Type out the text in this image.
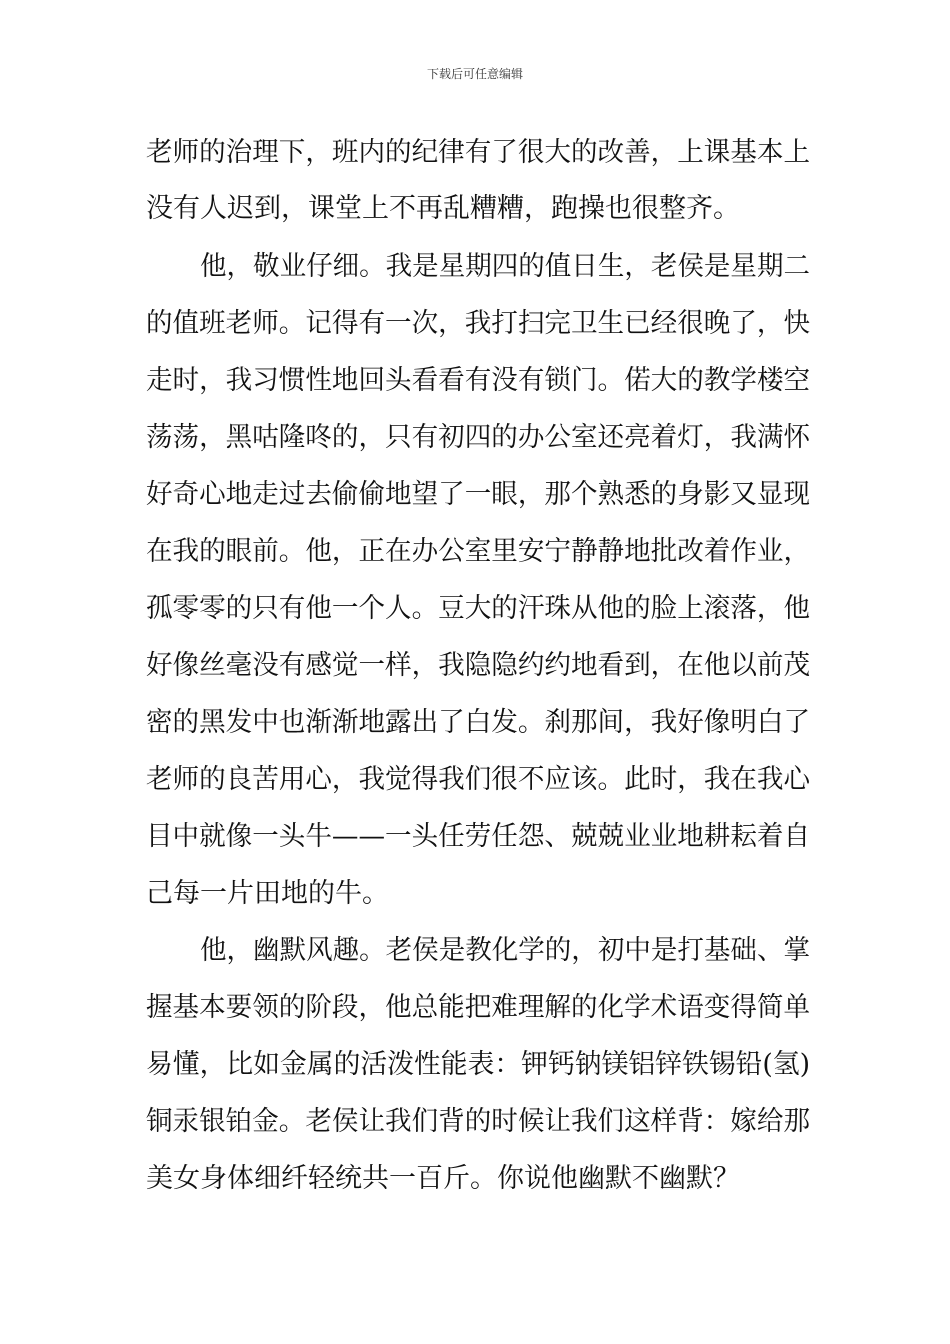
下载后可任意编辑
老师的治理下，班内的纪律有了很大的改善，上课基本上
没有人迟到，课堂上不再乱糟糟，跑操也很整齐。
他，敬业仔细。我是星期四的值日生，老侯是星期二
的值班老师。记得有一次，我打扫完卫生已经很晚了，快
走时，我习惯性地回头看看有没有锁门。偌大的教学楼空
荡荡，黑咕隆咚的，只有初四的办公室还亮着灯，我满怀
好奇心地走过去偷偷地望了一眼，那个熟悉的身影又显现
在我的眼前。他，正在办公室里安宁静静地批改着作业，
孤零零的只有他一个人。豆大的汗珠从他的脸上滚落，他
好像丝毫没有感觉一样，我隐隐约约地看到，在他以前茂
密的黑发中也渐渐地露出了白发。刹那间，我好像明白了
老师的良苦用心，我觉得我们很不应该。此时，我在我心
目中就像一头牛——一头任劳任怨、兢兢业业地耕耘着自
己每一片田地的牛。
他，幽默风趣。老侯是教化学的，初中是打基础、掌
握基本要领的阶段，他总能把难理解的化学术语变得简单
易懂，比如金属的活泼性能表：钾钙钠镁铝锌铁锡铅(氢)
铜汞银铂金。老侯让我们背的时候让我们这样背：嫁给那
美女身体细纤轻统共一百斤。你说他幽默不幽默？
